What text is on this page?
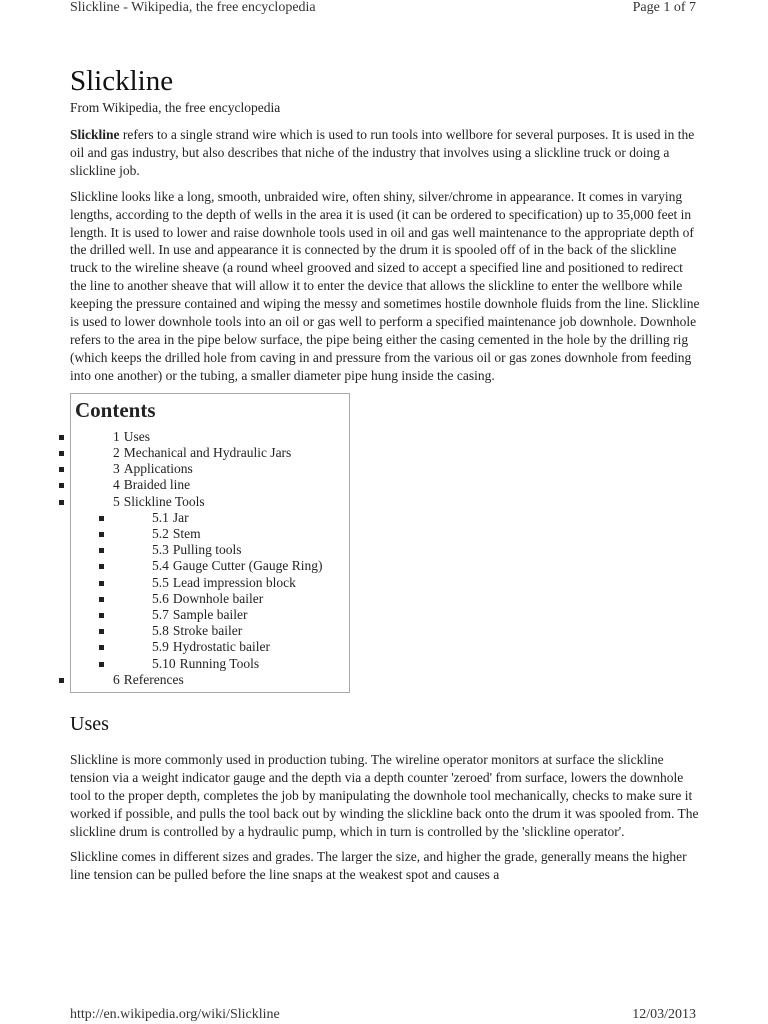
Slickline - Wikipedia, the free encyclopedia	Page 1 of 7
Slickline
From Wikipedia, the free encyclopedia

Slickline refers to a single strand wire which is used to run tools into wellbore for several purposes. It is used in the oil and gas industry, but also describes that niche of the industry that involves using a slickline truck or doing a slickline job.

Slickline looks like a long, smooth, unbraided wire, often shiny, silver/chrome in appearance. It comes in varying lengths, according to the depth of wells in the area it is used (it can be ordered to specification) up to 35,000 feet in length. It is used to lower and raise downhole tools used in oil and gas well maintenance to the appropriate depth of the drilled well. In use and appearance it is connected by the drum it is spooled off of in the back of the slickline truck to the wireline sheave (a round wheel grooved and sized to accept a specified line and positioned to redirect the line to another sheave that will allow it to enter the device that allows the slickline to enter the wellbore while keeping the pressure contained and wiping the messy and sometimes hostile downhole fluids from the line. Slickline is used to lower downhole tools into an oil or gas well to perform a specified maintenance job downhole. Downhole refers to the area in the pipe below surface, the pipe being either the casing cemented in the hole by the drilling rig (which keeps the drilled hole from caving in and pressure from the various oil or gas zones downhole from feeding into one another) or the tubing, a smaller diameter pipe hung inside the casing.

Contents
1 Uses
2 Mechanical and Hydraulic Jars
3 Applications
4 Braided line
5 Slickline Tools
5.1 Jar
5.2 Stem
5.3 Pulling tools
5.4 Gauge Cutter (Gauge Ring)
5.5 Lead impression block
5.6 Downhole bailer
5.7 Sample bailer
5.8 Stroke bailer
5.9 Hydrostatic bailer
5.10 Running Tools
6 References
Uses

Slickline is more commonly used in production tubing. The wireline operator monitors at surface the slickline tension via a weight indicator gauge and the depth via a depth counter 'zeroed' from surface, lowers the downhole tool to the proper depth, completes the job by manipulating the downhole tool mechanically, checks to make sure it worked if possible, and pulls the tool back out by winding the slickline back onto the drum it was spooled from. The slickline drum is controlled by a hydraulic pump, which in turn is controlled by the 'slickline operator'.

Slickline comes in different sizes and grades. The larger the size, and higher the grade, generally means the higher line tension can be pulled before the line snaps at the weakest spot and causes a

http://en.wikipedia.org/wiki/Slickline	12/03/2013
